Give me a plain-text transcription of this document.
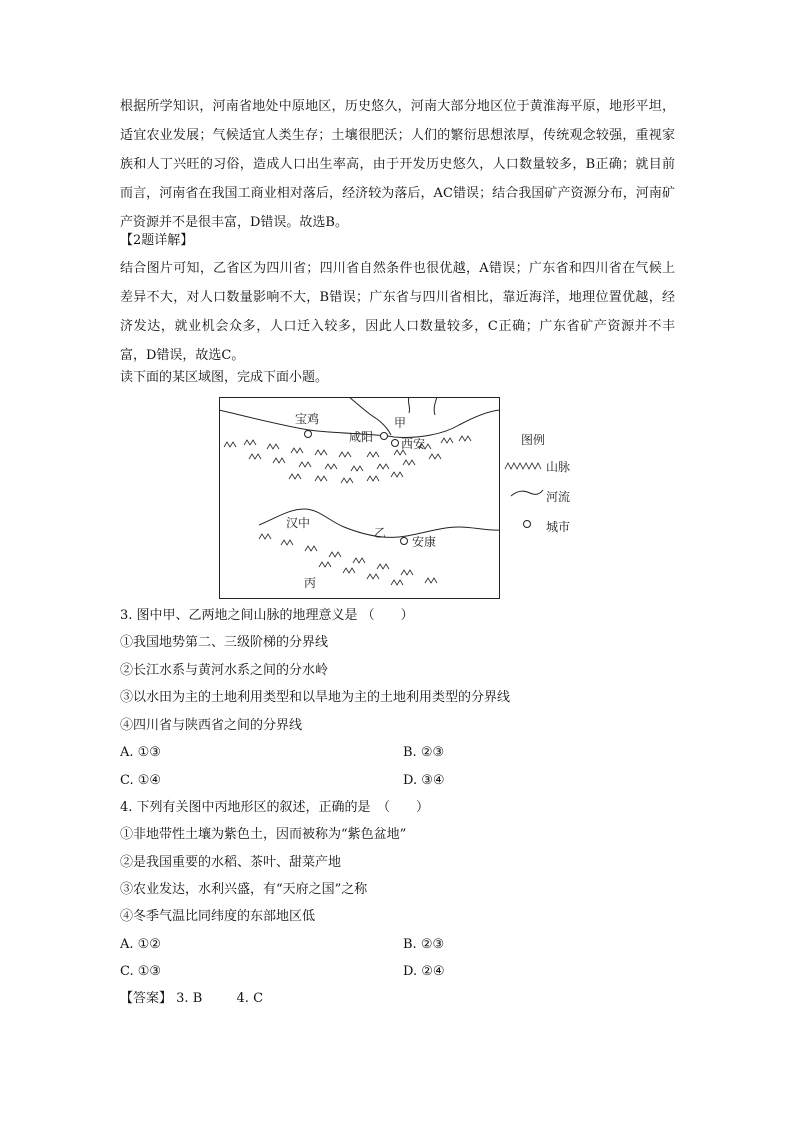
根据所学知识，河南省地处中原地区，历史悠久，河南大部分地区位于黄淮海平原，地形平坦，适宜农业发展；气候适宜人类生存；土壤很肥沃；人们的繁衍思想浓厚，传统观念较强，重视家族和人丁兴旺的习俗，造成人口出生率高，由于开发历史悠久，人口数量较多，B正确；就目前而言，河南省在我国工商业相对落后，经济较为落后，AC错误；结合我国矿产资源分布，河南矿产资源并不是很丰富，D错误。故选B。

【2题详解】

结合图片可知，乙省区为四川省；四川省自然条件也很优越，A错误；广东省和四川省在气候上差异不大，对人口数量影响不大，B错误；广东省与四川省相比，靠近海洋，地理位置优越，经济发达，就业机会众多，人口迁入较多，因此人口数量较多，C正确；广东省矿产资源并不丰富，D错误，故选C。

读下面的某区域图，完成下面小题。
宝鸡	甲
咸阳 西安
汉中
乙
安康
丙
图例
山脉
河流
城市
3. 图中甲、乙两地之间山脉的地理意义是 （　　）
①我国地势第二、三级阶梯的分界线
②长江水系与黄河水系之间的分水岭
③以水田为主的土地利用类型和以旱地为主的土地利用类型的分界线
④四川省与陕西省之间的分界线
A. ①③	B. ②③
C. ①④	D. ③④
4. 下列有关图中丙地形区的叙述，正确的是　（　　）
①非地带性土壤为紫色土，因而被称为“紫色盆地”
②是我国重要的水稻、茶叶、甜菜产地
③农业发达，水利兴盛，有“天府之国”之称
④冬季气温比同纬度的东部地区低
A. ①②	B. ②③
C. ①③	D. ②④
【答案】 3. B	4. C
